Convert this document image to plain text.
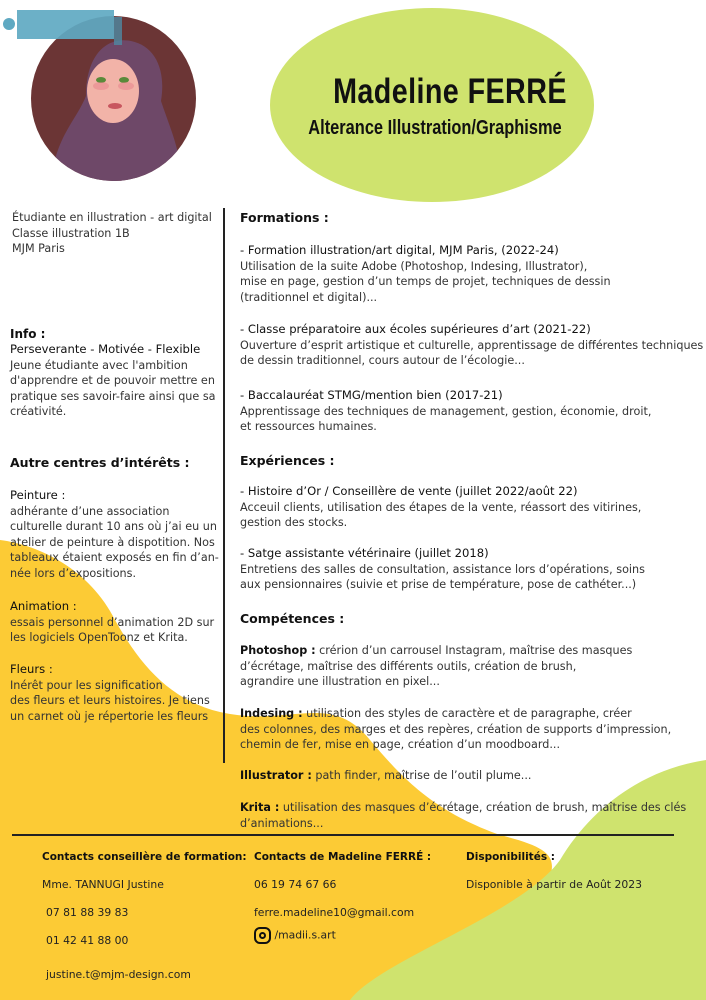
Madeline FERRÉ
Alterance Illustration/Graphisme

Étudiante en illustration - art digital

Classe illustration 1B

MJM Paris

Info :

Perseverante - Motivée - Flexible

Jeune étudiante avec l'ambition

d'apprendre et de pouvoir mettre en

pratique ses savoir-faire ainsi que sa

créativité.

Autre centres d’intérêts :

Peinture :

adhérante d’une association

culturelle durant 10 ans où j’ai eu un

atelier de peinture à dispotition. Nos

tableaux étaient exposés en fin d’an-

née lors d’expositions.

Animation :

essais personnel d’animation 2D sur

les logiciels OpenToonz et Krita.

Fleurs :

Inérêt pour les signification

des fleurs et leurs histoires. Je tiens

un carnet où je répertorie les fleurs

Formations :

- Formation illustration/art digital, MJM Paris, (2022-24)

Utilisation de la suite Adobe (Photoshop, Indesing, Illustrator),

mise en page, gestion d’un temps de projet, techniques de dessin

(traditionnel et digital)...

- Classe préparatoire aux écoles supérieures d’art (2021-22)

Ouverture d’esprit artistique et culturelle, apprentissage de différentes techniques

de dessin traditionnel, cours autour de l’écologie...

- Baccalauréat STMG/mention bien (2017-21)

Apprentissage des techniques de management, gestion, économie, droit,

et ressources humaines.

Expériences :

- Histoire d’Or / Conseillère de vente (juillet 2022/août 22)

Acceuil clients, utilisation des étapes de la vente, réassort des vitirines,

gestion des stocks.

- Satge assistante vétérinaire (juillet 2018)

Entretiens des salles de consultation, assistance lors d’opérations, soins

aux pensionnaires (suivie et prise de température, pose de cathéter...)

Compétences :

Photoshop : crérion d’un carrousel Instagram, maîtrise des masques

d’écrétage, maîtrise des différents outils, création de brush,

agrandire une illustration en pixel...

Indesing : utilisation des styles de caractère et de paragraphe, créer

des colonnes, des marges et des repères, création de supports d’impression,

chemin de fer, mise en page, création d’un moodboard...

Illustrator : path finder, maîtrise de l’outil plume...

Krita : utilisation des masques d’écrétage, création de brush, maîtrise des clés

d’animations...

Contacts conseillère de formation:
Mme. TANNUGI Justine
07 81 88 39 83
01 42 41 88 00
justine.t@mjm-design.com
Contacts de Madeline FERRÉ :
06 19 74 67 66
ferre.madeline10@gmail.com
/madii.s.art
Disponibilités :
Disponible à partir de Août 2023
